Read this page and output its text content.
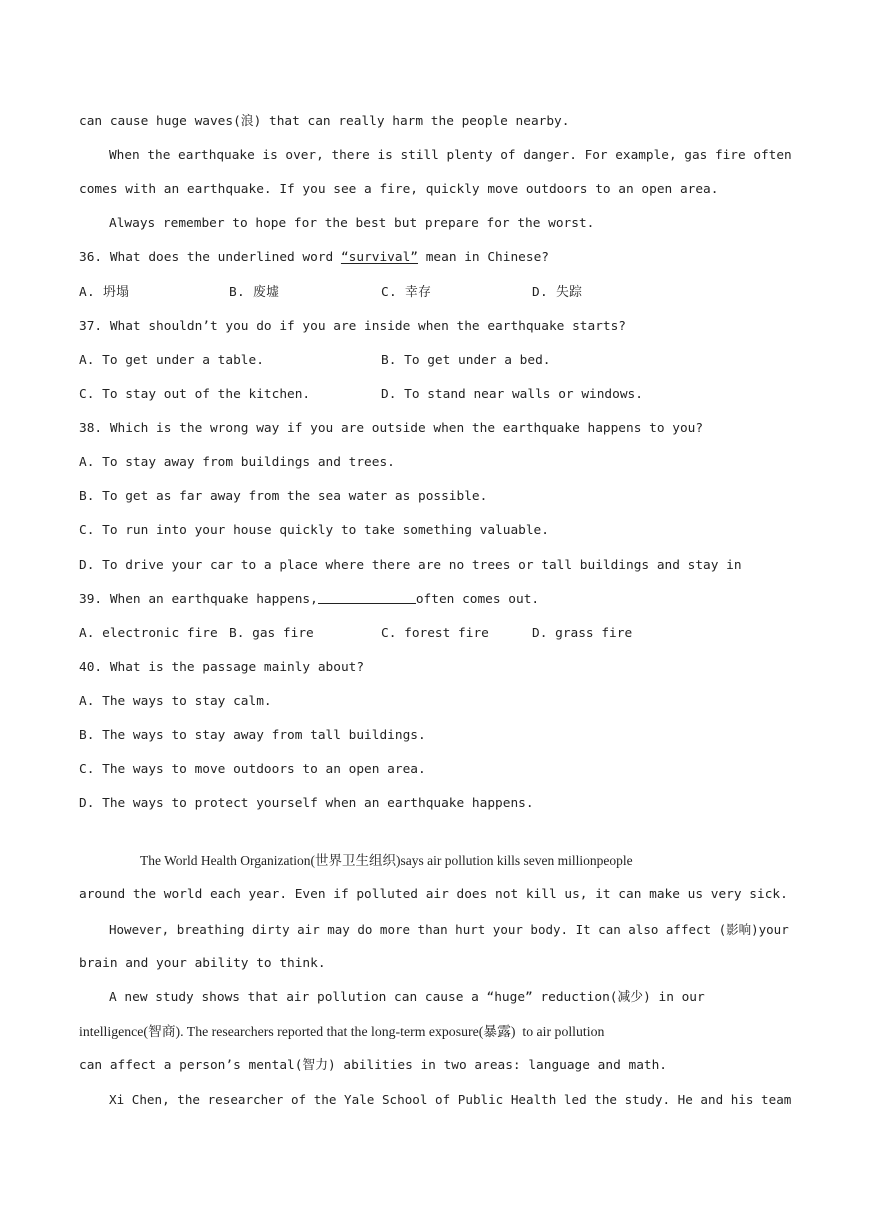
can cause huge waves(浪) that can really harm the people nearby.
When the earthquake is over, there is still plenty of danger. For example, gas fire often
comes with an earthquake. If you see a fire, quickly move outdoors to an open area.
Always remember to hope for the best but prepare for the worst.
36. What does the underlined word “survival” mean in Chinese?
A. 坍塌	B. 废墟	C. 幸存	D. 失踪
37. What shouldn’t you do if you are inside when the earthquake starts?
A. To get under a table.	B. To get under a bed.
C. To stay out of the kitchen.	D. To stand near walls or windows.
38. Which is the wrong way if you are outside when the earthquake happens to you?
A. To stay away from buildings and trees.
B. To get as far away from the sea water as possible.
C. To run into your house quickly to take something valuable.
D. To drive your car to a place where there are no trees or tall buildings and stay in
39. When an earthquake happens,	often comes out.
A. electronic fire B. gas fire	C. forest fire	D. grass fire
40. What is the passage mainly about?
A. The ways to stay calm.
B. The ways to stay away from tall buildings.
C. The ways to move outdoors to an open area.
D. The ways to protect yourself when an earthquake happens.
The World Health Organization(世界卫生组织)says air pollution kills seven millionpeople
around the world each year. Even if polluted air does not kill us, it can make us very sick.
However, breathing dirty air may do more than hurt your body. It can also affect (影响)your
brain and your ability to think.
A new study shows that air pollution can cause a “huge” reduction(减少) in our
intelligence(智商). The researchers reported that the long-term exposure(暴露)  to air pollution
can affect a person’s mental(智力) abilities in two areas: language and math.
Xi Chen, the researcher of the Yale School of Public Health led the study. He and his team
